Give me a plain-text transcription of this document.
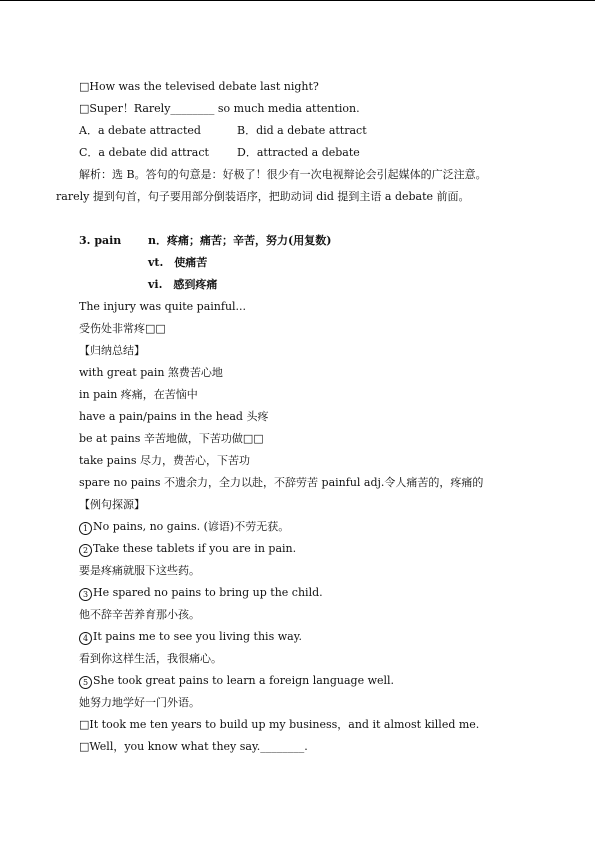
□How was the televised debate last night?
□Super！Rarely________ so much media attention.
A．a debate attracted	B．did a debate attract
C．a debate did attract	D．attracted a debate
解析：选 B。答句的句意是：好极了！很少有一次电视辩论会引起媒体的广泛注意。
rarely 提到句首，句子要用部分倒装语序，把助动词 did 提到主语 a debate 前面。
3. pain n．疼痛；痛苦；辛苦，努力(用复数)
vt.　使痛苦
vi.　感到疼痛
The injury was quite painful...
受伤处非常疼□□
【归纳总结】
with great pain 煞费苦心地
in pain 疼痛，在苦恼中
have a pain/pains in the head 头疼
be at pains 辛苦地做，下苦功做□□
take pains 尽力，费苦心，下苦功
spare no pains 不遗余力，全力以赴，不辞劳苦 painful adj.令人痛苦的，疼痛的
【例句探源】
1 No pains, no gains. (谚语)不劳无获。
2 Take these tablets if you are in pain.
要是疼痛就服下这些药。
3 He spared no pains to bring up the child.
他不辞辛苦养育那小孩。
4 It pains me to see you living this way.
看到你这样生活，我很痛心。
5 She took great pains to learn a foreign language well.
她努力地学好一门外语。
□It took me ten years to build up my business，and it almost killed me.
□Well，you know what they say.________.
